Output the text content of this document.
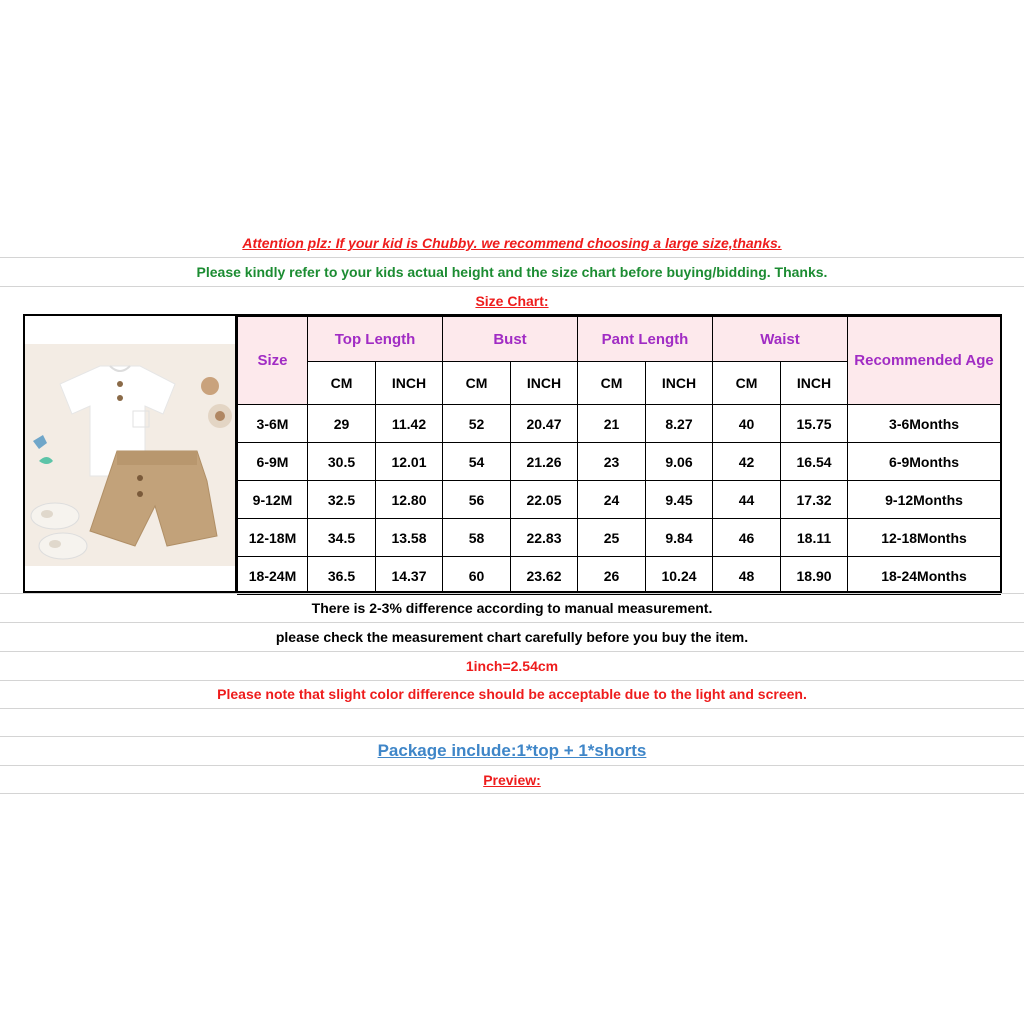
Attention plz: If your kid is Chubby. we recommend choosing a large size,thanks.
Please kindly refer to your kids actual height and the size chart before buying/bidding. Thanks.
Size Chart:
Size	Top Length		Bust		Pant Length		Waist		Recommended Age
	CM	INCH	CM	INCH	CM	INCH	CM	INCH	
3-6M	29	11.42	52	20.47	21	8.27	40	15.75	3-6Months
6-9M	30.5	12.01	54	21.26	23	9.06	42	16.54	6-9Months
9-12M	32.5	12.80	56	22.05	24	9.45	44	17.32	9-12Months
12-18M	34.5	13.58	58	22.83	25	9.84	46	18.11	12-18Months
18-24M	36.5	14.37	60	23.62	26	10.24	48	18.90	18-24Months
There is 2-3% difference according to manual measurement.
please check the measurement chart carefully before you buy the item.
1inch=2.54cm
Please note that slight color difference should be acceptable due to the light and screen.
Package include:1*top + 1*shorts
Preview:
